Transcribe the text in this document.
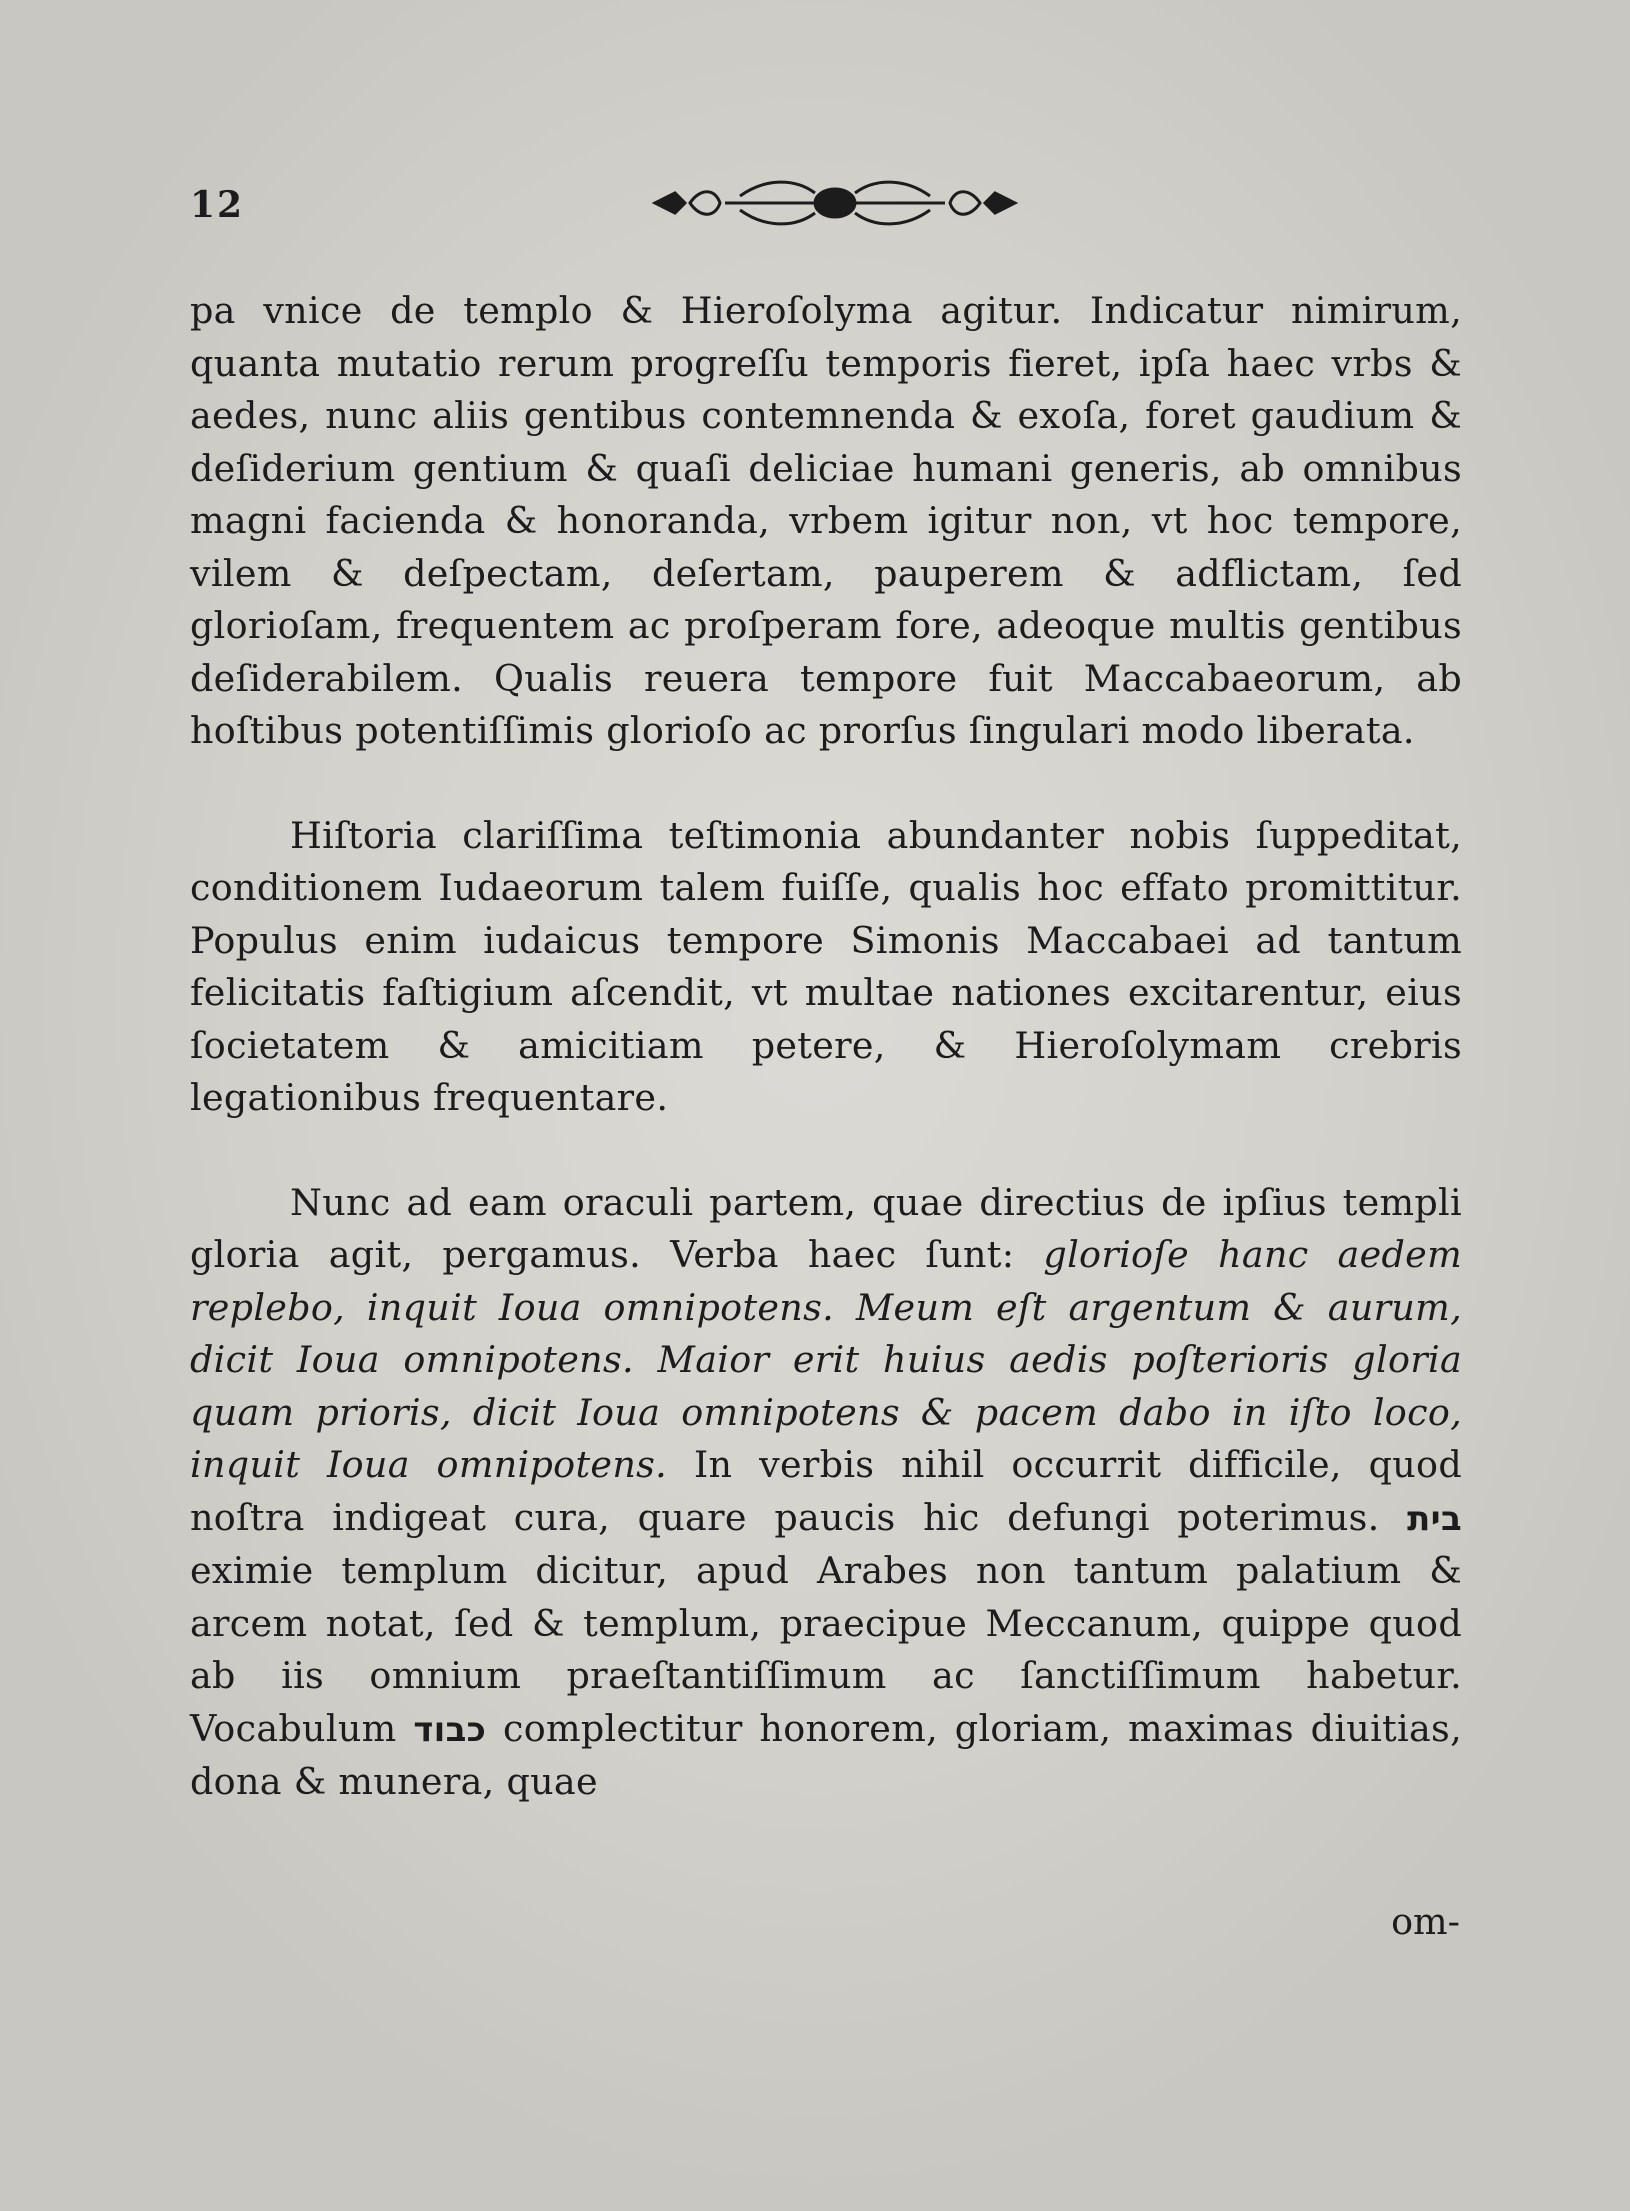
12

pa vnice de templo & Hieroſolyma agitur. Indicatur nimirum, quanta mutatio rerum progreſſu temporis fieret, ipſa haec vrbs & aedes, nunc aliis gentibus contemnenda & exoſa, foret gaudium & deſiderium gentium & quaſi deliciae humani generis, ab omnibus magni facienda & honoranda, vrbem igitur non, vt hoc tempore, vilem & deſpectam, deſertam, pauperem & adflictam, ſed glorioſam, frequentem ac proſperam fore, adeoque multis gentibus deſiderabilem. Qualis reuera tempore fuit Maccabaeorum, ab hoſtibus potentiſſimis glorioſo ac prorſus ſingulari modo liberata.

Hiſtoria clariſſima teſtimonia abundanter nobis ſuppeditat, conditionem Iudaeorum talem fuiſſe, qualis hoc effato promittitur. Populus enim iudaicus tempore Simonis Maccabaei ad tantum felicitatis faſtigium aſcendit, vt multae nationes excitarentur, eius ſocietatem & amicitiam petere, & Hieroſolymam crebris legationibus frequentare.

Nunc ad eam oraculi partem, quae directius de ipſius templi gloria agit, pergamus. Verba haec ſunt: glorioſe hanc aedem replebo, inquit Ioua omnipotens. Meum eſt argentum & aurum, dicit Ioua omnipotens. Maior erit huius aedis poſterioris gloria quam prioris, dicit Ioua omnipotens & pacem dabo in iſto loco, inquit Ioua omnipotens. In verbis nihil occurrit difficile, quod noſtra indigeat cura, quare paucis hic defungi poterimus. בית eximie templum dicitur, apud Arabes non tantum palatium & arcem notat, ſed & templum, praecipue Meccanum, quippe quod ab iis omnium praeſtantiſſimum ac ſanctiſſimum habetur. Vocabulum כבוד complectitur honorem, gloriam, maximas diuitias, dona & munera, quae

om-
